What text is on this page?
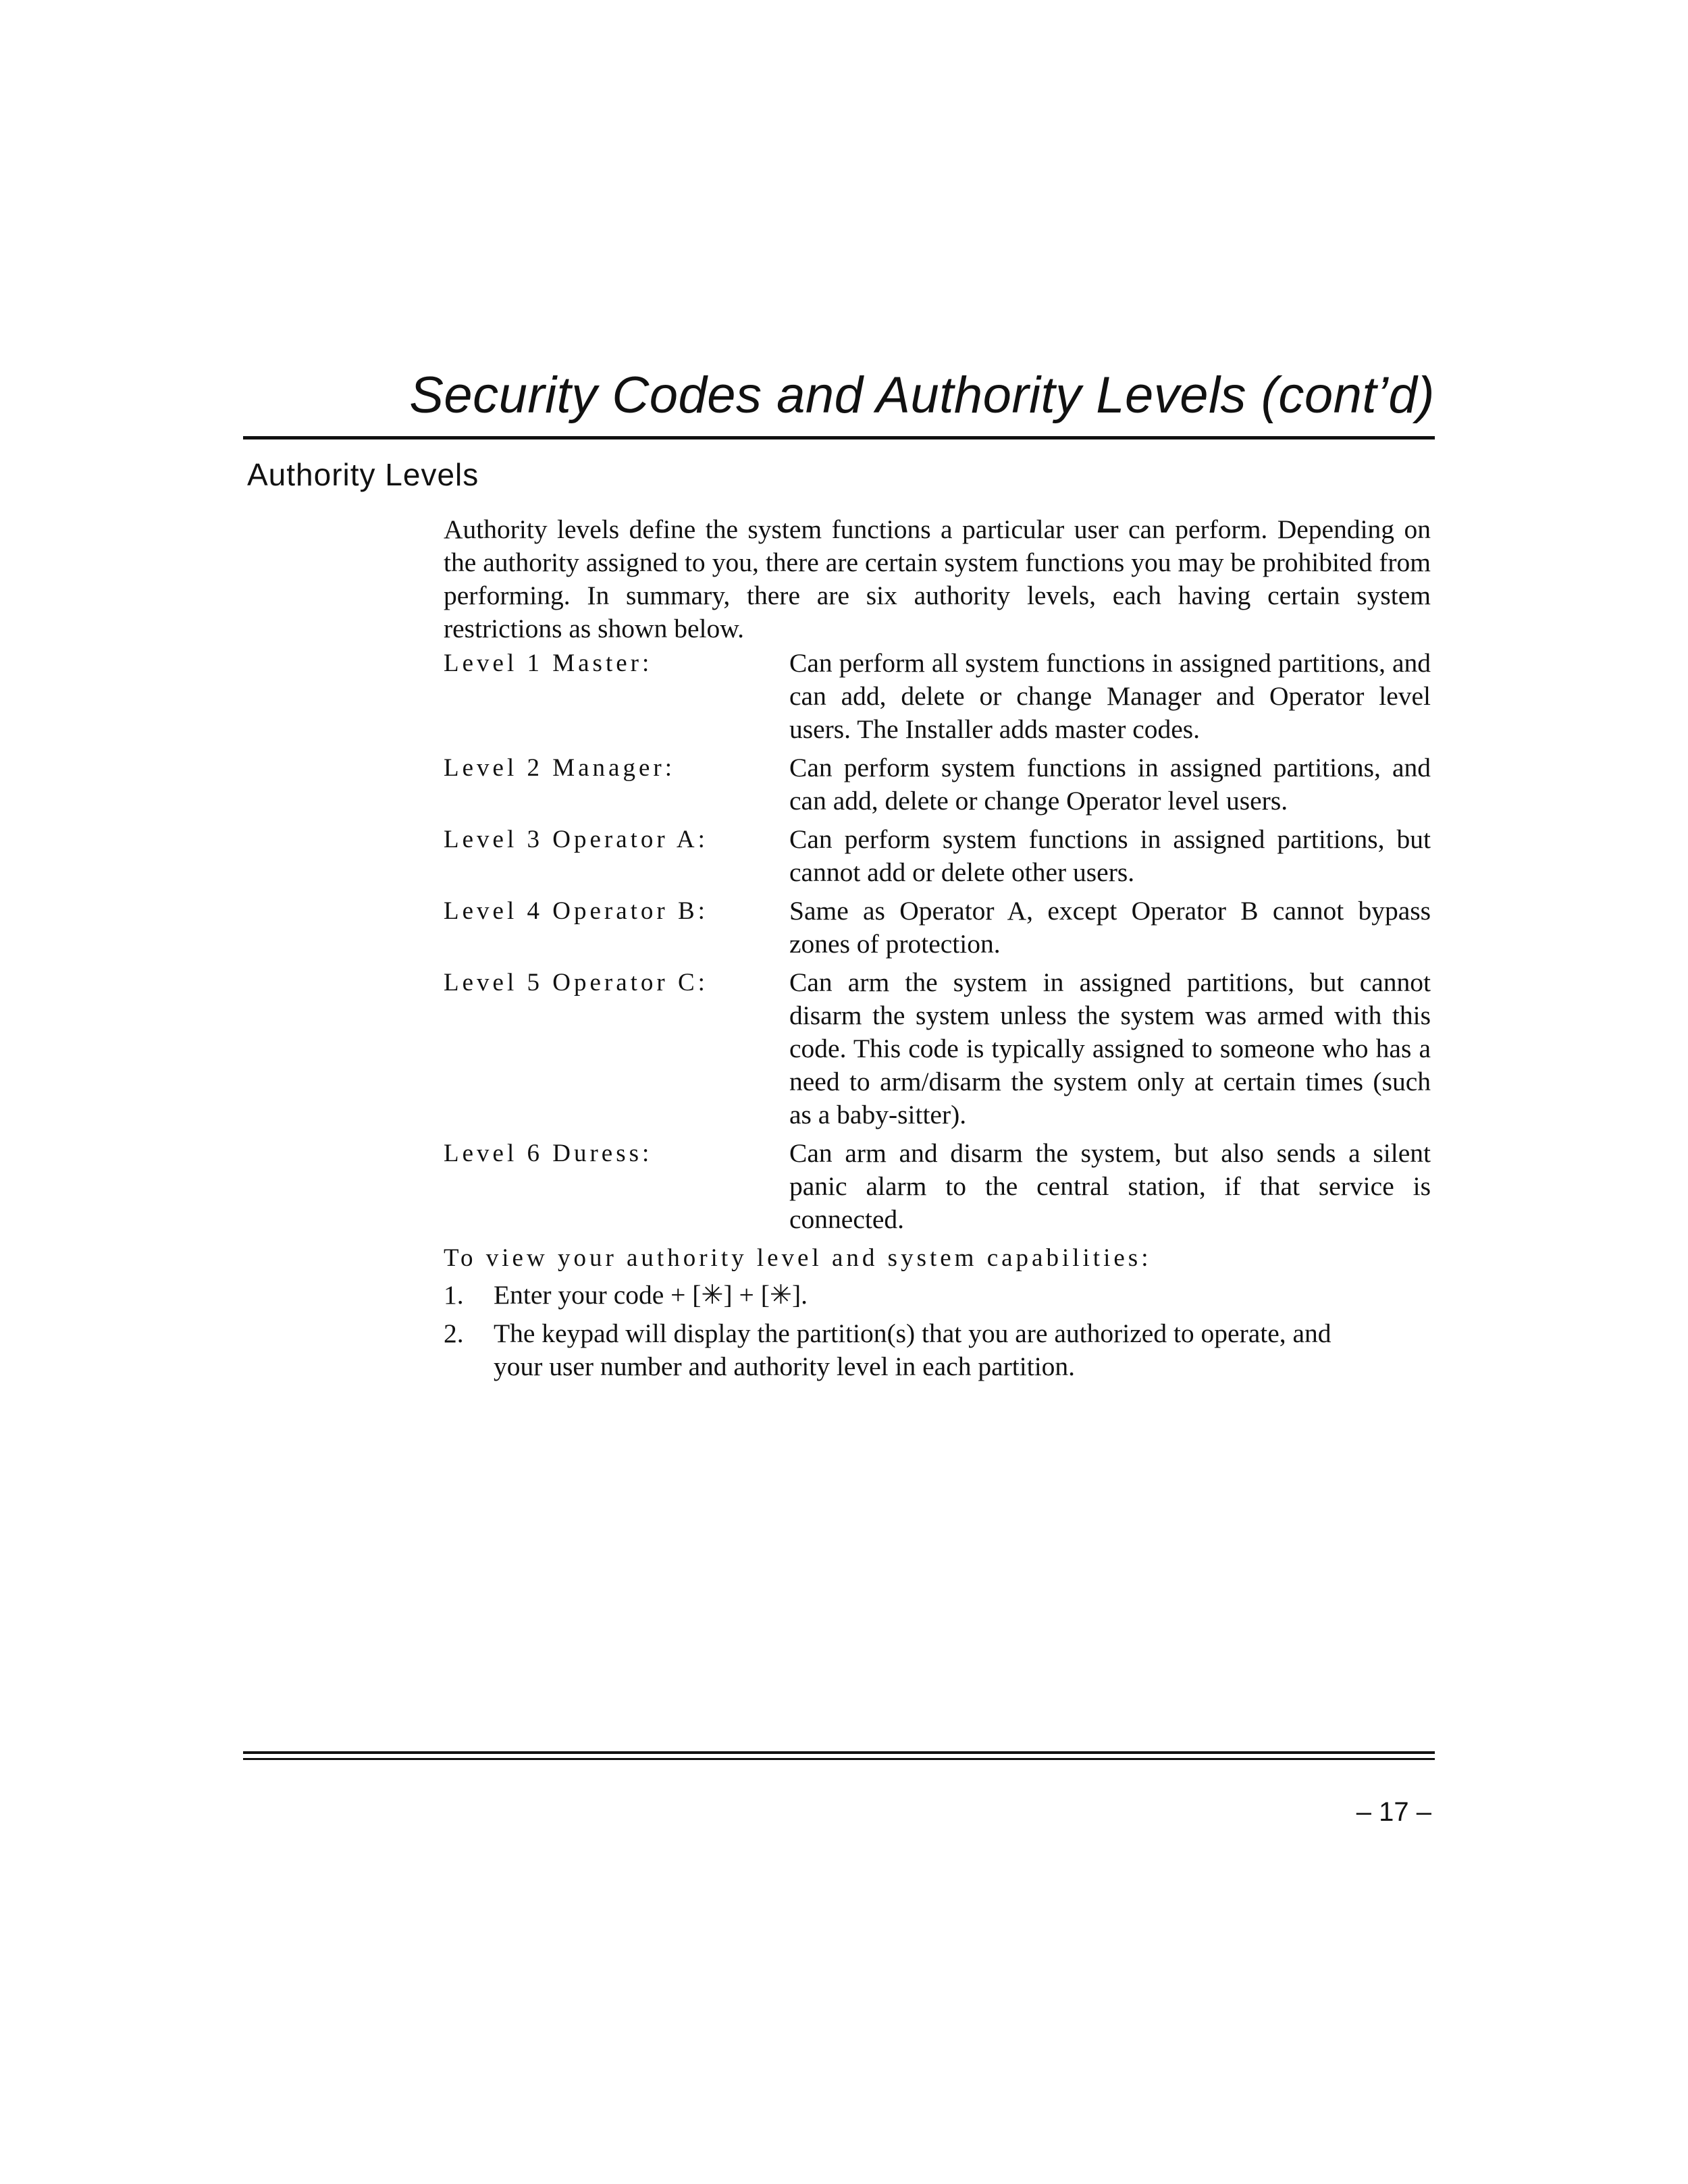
Security Codes and Authority Levels (cont’d)
Authority Levels

Authority levels define the system functions a particular user can perform. Depending on the authority assigned to you, there are certain system functions you may be prohibited from performing. In summary, there are six authority levels, each having certain system restrictions as shown below.

Level 1 Master:	Can perform all system functions in assigned partitions, and can add, delete or change Manager and Operator level users. The Installer adds master codes.
Level 2 Manager:	Can perform system functions in assigned partitions, and can add, delete or change Operator level users.
Level 3 Operator A:	Can perform system functions in assigned partitions, but cannot add or delete other users.
Level 4 Operator B:	Same as Operator A, except Operator B cannot bypass zones of protection.
Level 5 Operator C:	Can arm the system in assigned partitions, but cannot disarm the system unless the system was armed with this code. This code is typically assigned to someone who has a need to arm/disarm the system only at certain times (such as a baby-sitter).
Level 6 Duress:	Can arm and disarm the system, but also sends a silent panic alarm to the central station, if that service is connected.

To view your authority level and system capabilities:

1.	Enter your code + [✳] + [✳].
2.	The keypad will display the partition(s) that you are authorized to operate, and your user number and authority level in each partition.
– 17 –
